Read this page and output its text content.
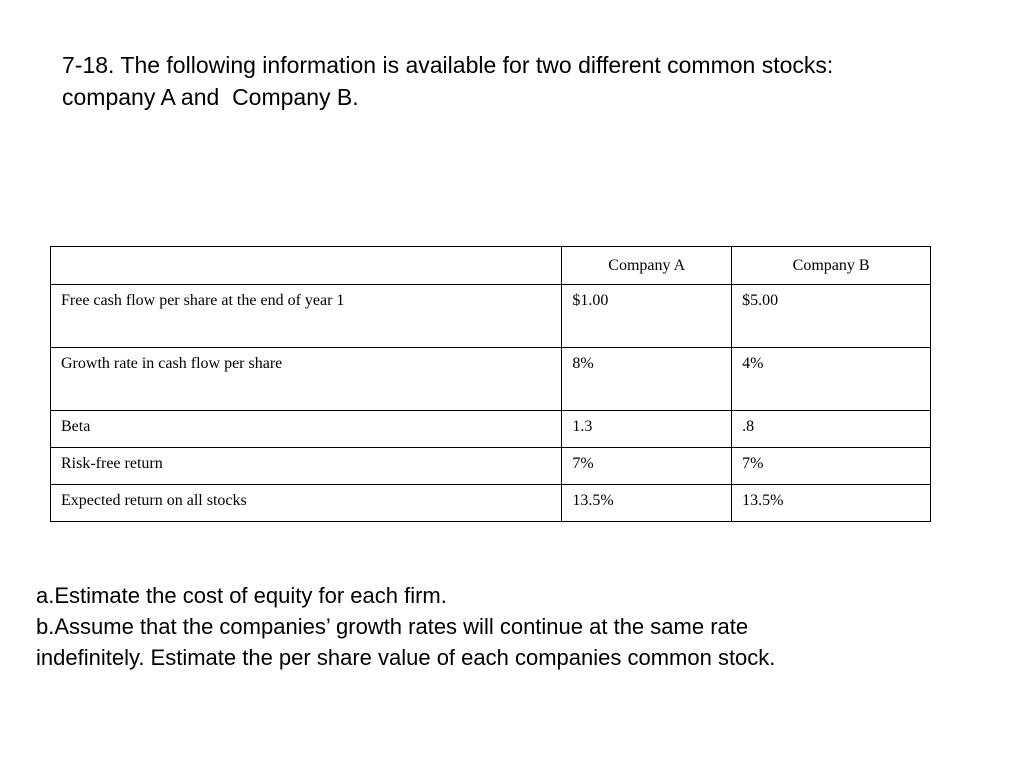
7-18. The following information is available for two different common stocks:
company A and  Company B.
	Company A	Company B
Free cash flow per share at the end of year 1	$1.00	$5.00
Growth rate in cash flow per share	8%	4%
Beta	1.3	.8
Risk-free return	7%	7%
Expected return on all stocks	13.5%	13.5%
a.Estimate the cost of equity for each firm.
b.Assume that the companies’ growth rates will continue at the same rate
indefinitely. Estimate the per share value of each companies common stock.
